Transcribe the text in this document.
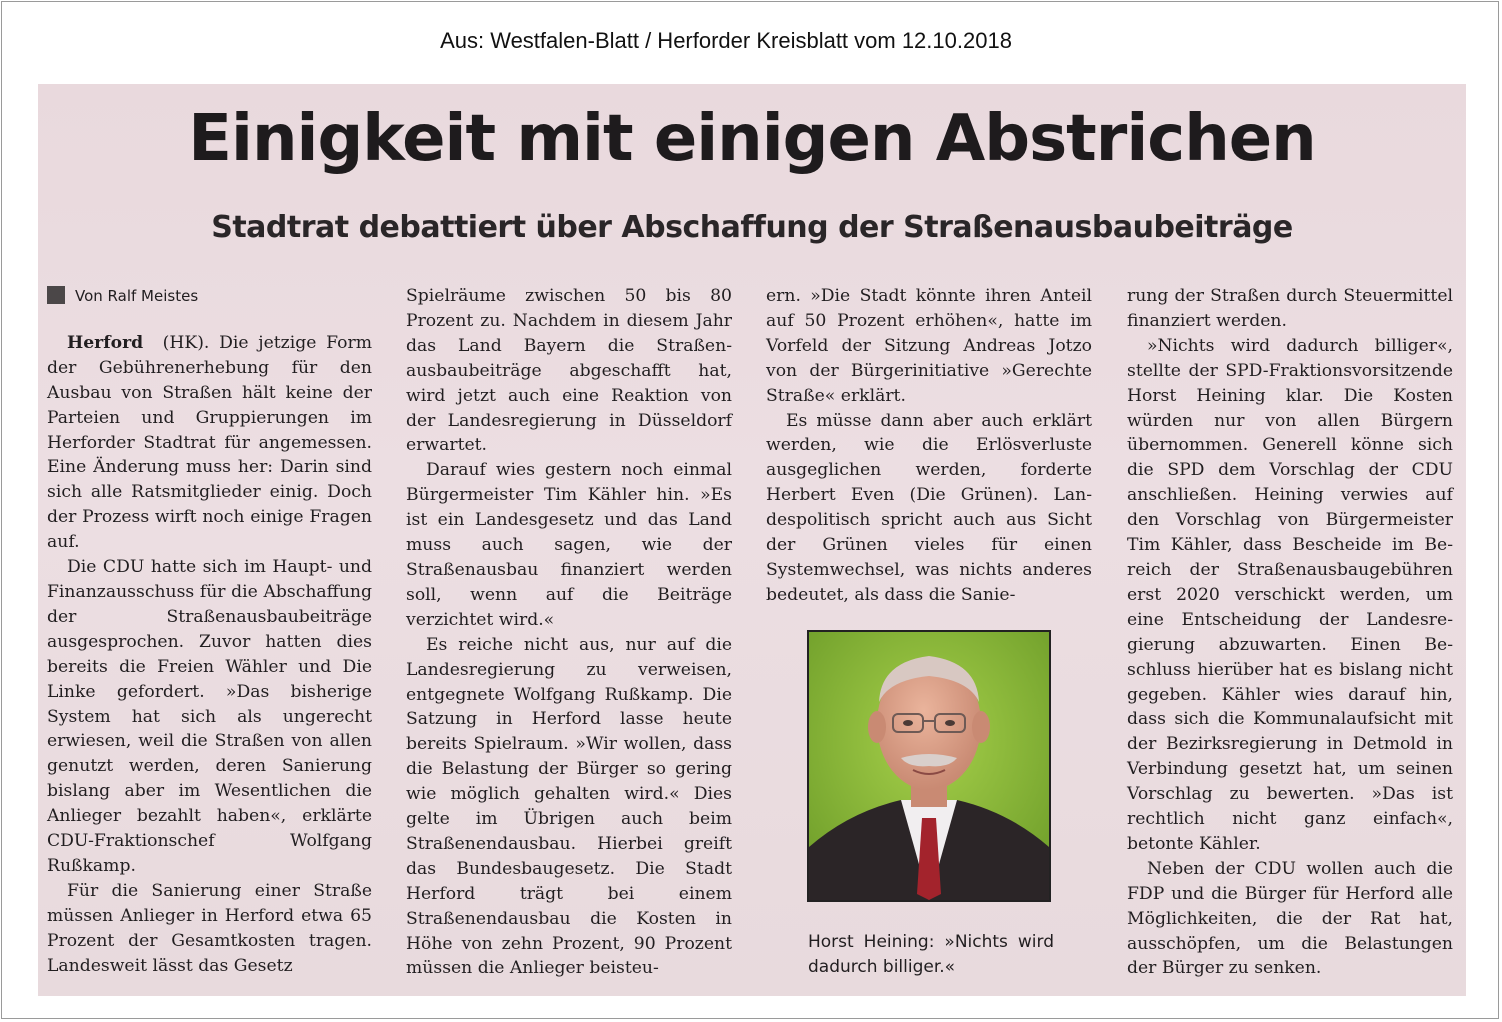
Aus: Westfalen-Blatt / Herforder Kreisblatt vom 12.10.2018
Einigkeit mit einigen Abstrichen
Stadtrat debattiert über Abschaffung der Straßenausbaubeiträge

Von Ralf Meistes

Herford (HK). Die jetzige Form der Gebührenerhebung für den Ausbau von Straßen hält keine der Parteien und Gruppierungen im Herforder Stadtrat für angemessen. Eine Änderung muss her: Darin sind sich alle Ratsmitglieder einig. Doch der Prozess wirft noch einige Fragen auf.

Die CDU hatte sich im Haupt- und Finanzausschuss für die Abschaffung der Straßenausbaubeiträge ausgesprochen. Zuvor hatten dies bereits die Freien Wähler und Die Linke gefordert. »Das bisherige System hat sich als ungerecht erwiesen, weil die Straßen von allen genutzt werden, deren Sanierung bislang aber im Wesentlichen die Anlieger bezahlt haben«, erklärte CDU-Fraktionschef Wolfgang Rußkamp.

Für die Sanierung einer Straße müssen Anlieger in Herford etwa 65 Prozent der Gesamtkosten tragen. Landesweit lässt das Gesetz

Spielräume zwischen 50 bis 80 Prozent zu. Nachdem in diesem Jahr das Land Bayern die Straßenausbaubeiträge abgeschafft hat, wird jetzt auch eine Reaktion von der Landesregierung in Düsseldorf erwartet.

Darauf wies gestern noch einmal Bürgermeister Tim Kähler hin. »Es ist ein Landesgesetz und das Land muss auch sagen, wie der Straßenausbau finanziert werden soll, wenn auf die Beiträge verzichtet wird.«

Es reiche nicht aus, nur auf die Landesregierung zu verweisen, entgegnete Wolfgang Rußkamp. Die Satzung in Herford lasse heute bereits Spielraum. »Wir wollen, dass die Belastung der Bürger so gering wie möglich gehalten wird.« Dies gelte im Übrigen auch beim Straßenendausbau. Hierbei greift das Bundesbaugesetz. Die Stadt Herford trägt bei einem Straßenendausbau die Kosten in Höhe von zehn Prozent, 90 Prozent müssen die Anlieger beisteu-

ern. »Die Stadt könnte ihren Anteil auf 50 Prozent erhöhen«, hatte im Vorfeld der Sitzung Andreas Jotzo von der Bürgerinitiative »Gerechte Straße« erklärt.

Es müsse dann aber auch erklärt werden, wie die Erlösverluste ausgeglichen werden, forderte Herbert Even (Die Grünen). Landespolitisch spricht auch aus Sicht der Grünen vieles für einen Systemwechsel, was nichts anderes bedeutet, als dass die Sanie-

Horst Heining: »Nichts wird dadurch billiger.«

rung der Straßen durch Steuermittel finanziert werden.

»Nichts wird dadurch billiger«, stellte der SPD-Fraktionsvorsitzende Horst Heining klar. Die Kosten würden nur von allen Bürgern übernommen. Generell könne sich die SPD dem Vorschlag der CDU anschließen. Heining verwies auf den Vorschlag von Bürgermeister Tim Kähler, dass Bescheide im Bereich der Straßenausbaugebühren erst 2020 verschickt werden, um eine Entscheidung der Landesregierung abzuwarten. Einen Beschluss hierüber hat es bislang nicht gegeben. Kähler wies darauf hin, dass sich die Kommunalaufsicht mit der Bezirksregierung in Detmold in Verbindung gesetzt hat, um seinen Vorschlag zu bewerten. »Das ist rechtlich nicht ganz einfach«, betonte Kähler.

Neben der CDU wollen auch die FDP und die Bürger für Herford alle Möglichkeiten, die der Rat hat, ausschöpfen, um die Belastungen der Bürger zu senken.
